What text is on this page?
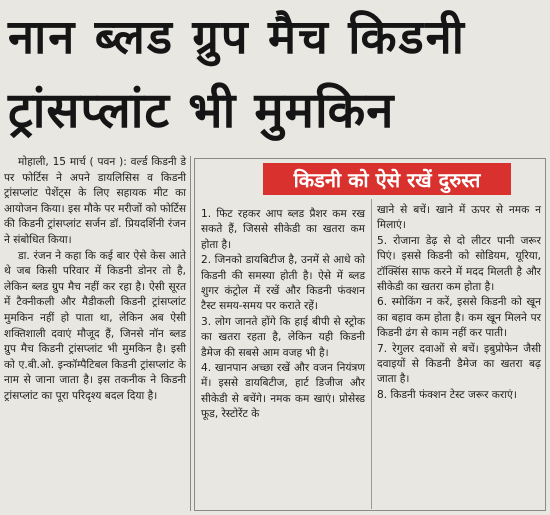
नान ब्लड ग्रुप मैच किडनी
ट्रांसप्लांट भी मुमकिन

मोहाली, 15 मार्च ( पवन ): वर्ल्ड किडनी डे पर फोर्टिस ने अपने डायलिसिस व किडनी ट्रांसप्लांट पेशेंट्स के लिए सहायक मीट का आयोजन किया। इस मौके पर मरीजों को फोर्टिस की किडनी ट्रांसप्लांट सर्जन डॉ. प्रियदर्शिनी रंजन ने संबोधित किया।

डा. रंजन ने कहा कि कई बार ऐसे केस आते थे जब किसी परिवार में किडनी डोनर तो है, लेकिन ब्लड ग्रुप मैच नहीं कर रहा है। ऐसी सूरत में टैक्नीकली और मैडीकली किडनी ट्रांसप्लांट मुमकिन नहीं हो पाता था, लेकिन अब ऐसी शक्तिशाली दवाएं मौजूद हैं, जिनसे नॉन ब्लड ग्रुप मैच किडनी ट्रांसप्लांट भी मुमकिन है। इसी को ए.बी.ओ. इन्कॉम्पैटिबल किडनी ट्रांसप्लांट के नाम से जाना जाता है। इस तकनीक ने किडनी ट्रांसप्लांट का पूरा परिदृश्य बदल दिया है।

किडनी को ऐसे रखें दुरुस्त

1. फिट रहकर आप ब्लड प्रैशर कम रख सकते हैं, जिससे सीकेडी का खतरा कम होता है।

2. जिनको डायबिटीज है, उनमें से आधे को किडनी की समस्या होती है। ऐसे में ब्लड शुगर कंट्रोल में रखें और किडनी फंक्शन टैस्ट समय-समय पर कराते रहें।

3. लोग जानते होंगे कि हाई बीपी से स्ट्रोक का खतरा रहता है, लेकिन यही किडनी डैमेज की सबसे आम वजह भी है।

4. खानपान अच्छा रखें और वजन नियंत्रण में। इससे डायबिटीज, हार्ट डिजीज और सीकेडी से बचेंगे। नमक कम खाएं। प्रोसेस्ड फूड, रेस्टोरेंट के

खाने से बचें। खाने में ऊपर से नमक न मिलाएं।

5. रोजाना डेढ़ से दो लीटर पानी जरूर पिएं। इससे किडनी को सोडियम, यूरिया, टॉक्सिंस साफ करने में मदद मिलती है और सीकेडी का खतरा कम होता है।

6. स्मोकिंग न करें, इससे किडनी को खून का बहाव कम होता है। कम खून मिलने पर किडनी ढंग से काम नहीं कर पाती।

7. रेगुलर दवाओं से बचें। इबुप्रोफेन जैसी दवाइयों से किडनी डैमेज का खतरा बढ़ जाता है।

8. किडनी फंक्शन टेस्ट जरूर कराएं।
